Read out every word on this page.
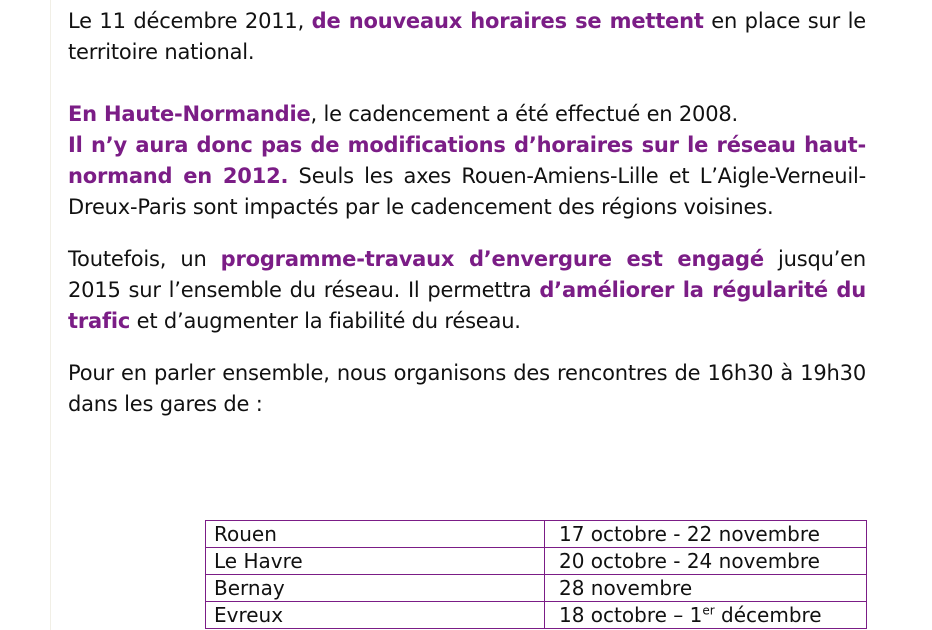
Le 11 décembre 2011, de nouveaux horaires se mettent en place sur le territoire national.

En Haute-Normandie, le cadencement a été effectué en 2008.
Il n’y aura donc pas de modifications d’horaires sur le réseau haut-normand en 2012. Seuls les axes Rouen-Amiens-Lille et L’Aigle-Verneuil-Dreux-Paris sont impactés par le cadencement des régions voisines.

Toutefois, un programme-travaux d’envergure est engagé jusqu’en 2015 sur l’ensemble du réseau. Il permettra d’améliorer la régularité du trafic et d’augmenter la fiabilité du réseau.

Pour en parler ensemble, nous organisons des rencontres de 16h30 à 19h30 dans les gares de :

Rouen	17 octobre - 22 novembre
Le Havre	20 octobre - 24 novembre
Bernay	28 novembre
Evreux	18 octobre – 1er décembre
